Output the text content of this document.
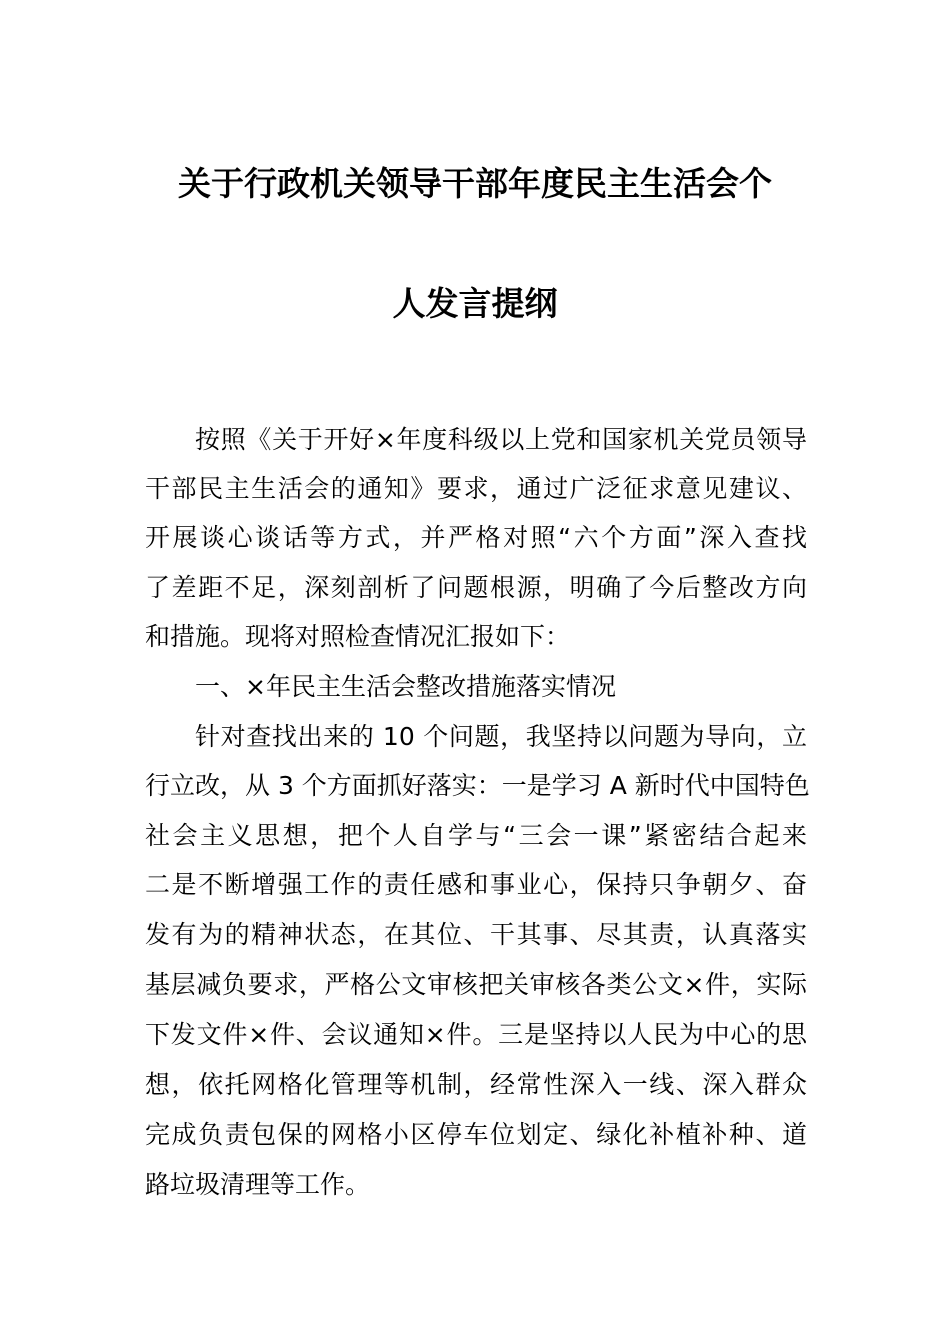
关于行政机关领导干部年度民主生活会个
人发言提纲
按照《关于开好×年度科级以上党和国家机关党员领导
干部民主生活会的通知》要求，通过广泛征求意见建议、
开展谈心谈话等方式，并严格对照“六个方面”深入查找
了差距不足，深刻剖析了问题根源，明确了今后整改方向
和措施。现将对照检查情况汇报如下：
一、×年民主生活会整改措施落实情况
针对查找出来的 10 个问题，我坚持以问题为导向，立
行立改，从 3 个方面抓好落实：一是学习 A 新时代中国特色
社会主义思想，把个人自学与“三会一课”紧密结合起来
二是不断增强工作的责任感和事业心，保持只争朝夕、奋
发有为的精神状态，在其位、干其事、尽其责，认真落实
基层减负要求，严格公文审核把关审核各类公文×件，实际
下发文件×件、会议通知×件。三是坚持以人民为中心的思
想，依托网格化管理等机制，经常性深入一线、深入群众
完成负责包保的网格小区停车位划定、绿化补植补种、道
路垃圾清理等工作。
